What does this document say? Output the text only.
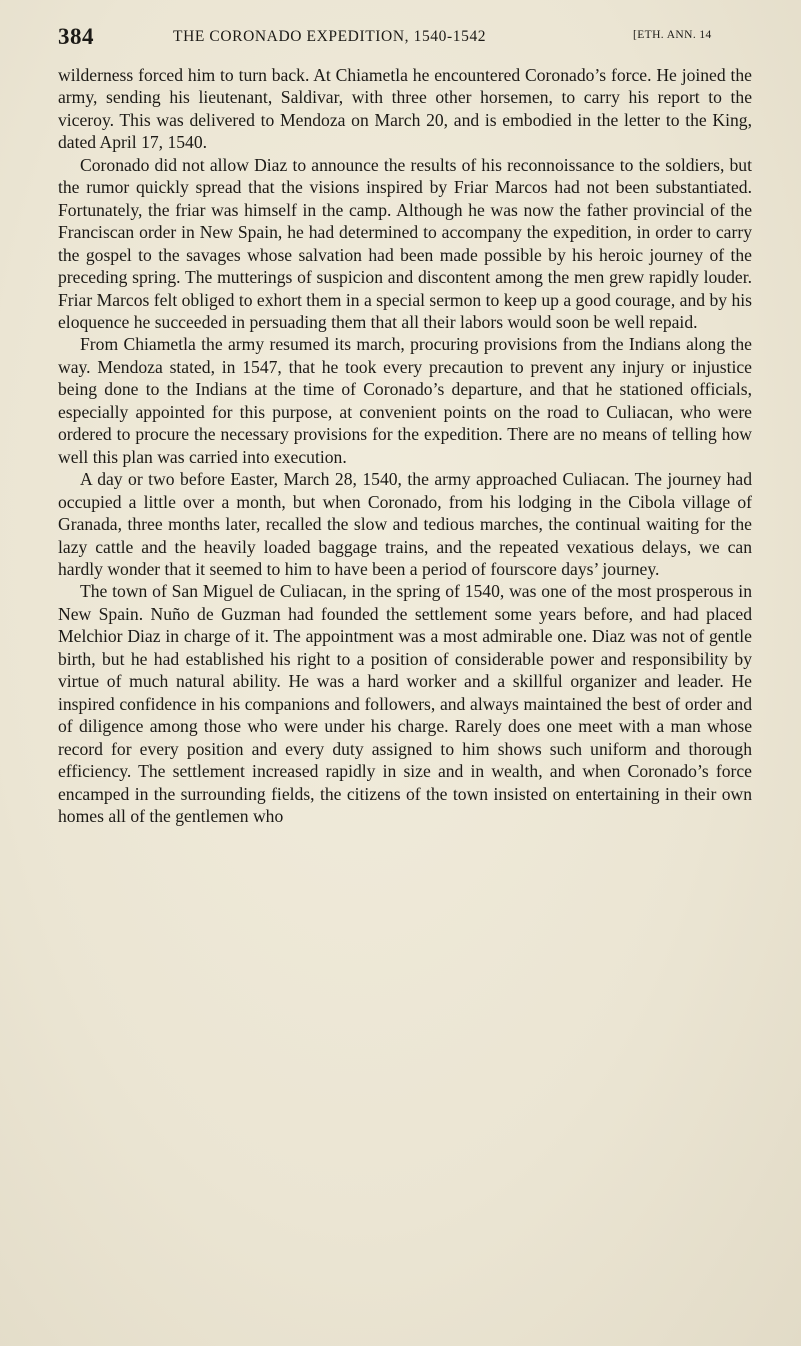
384	THE CORONADO EXPEDITION, 1540-1542	[ETH. ANN. 14

wilderness forced him to turn back. At Chiametla he encountered Coronado’s force. He joined the army, sending his lieutenant, Saldivar, with three other horsemen, to carry his report to the viceroy. This was delivered to Mendoza on March 20, and is embodied in the letter to the King, dated April 17, 1540.

Coronado did not allow Diaz to announce the results of his reconnoissance to the soldiers, but the rumor quickly spread that the visions inspired by Friar Marcos had not been substantiated. Fortunately, the friar was himself in the camp. Although he was now the father provincial of the Franciscan order in New Spain, he had determined to accompany the expedition, in order to carry the gospel to the savages whose salvation had been made possible by his heroic journey of the preceding spring. The mutterings of suspicion and discontent among the men grew rapidly louder. Friar Marcos felt obliged to exhort them in a special sermon to keep up a good courage, and by his eloquence he succeeded in persuading them that all their labors would soon be well repaid.

From Chiametla the army resumed its march, procuring provisions from the Indians along the way. Mendoza stated, in 1547, that he took every precaution to prevent any injury or injustice being done to the Indians at the time of Coronado’s departure, and that he stationed officials, especially appointed for this purpose, at convenient points on the road to Culiacan, who were ordered to procure the necessary provisions for the expedition. There are no means of telling how well this plan was carried into execution.

A day or two before Easter, March 28, 1540, the army approached Culiacan. The journey had occupied a little over a month, but when Coronado, from his lodging in the Cibola village of Granada, three months later, recalled the slow and tedious marches, the continual waiting for the lazy cattle and the heavily loaded baggage trains, and the repeated vexatious delays, we can hardly wonder that it seemed to him to have been a period of fourscore days’ journey.

The town of San Miguel de Culiacan, in the spring of 1540, was one of the most prosperous in New Spain. Nuño de Guzman had founded the settlement some years before, and had placed Melchior Diaz in charge of it. The appointment was a most admirable one. Diaz was not of gentle birth, but he had established his right to a position of considerable power and responsibility by virtue of much natural ability. He was a hard worker and a skillful organizer and leader. He inspired confidence in his companions and followers, and always maintained the best of order and of diligence among those who were under his charge. Rarely does one meet with a man whose record for every position and every duty assigned to him shows such uniform and thorough efficiency. The settlement increased rapidly in size and in wealth, and when Coronado’s force encamped in the surrounding fields, the citizens of the town insisted on entertaining in their own homes all of the gentlemen who
